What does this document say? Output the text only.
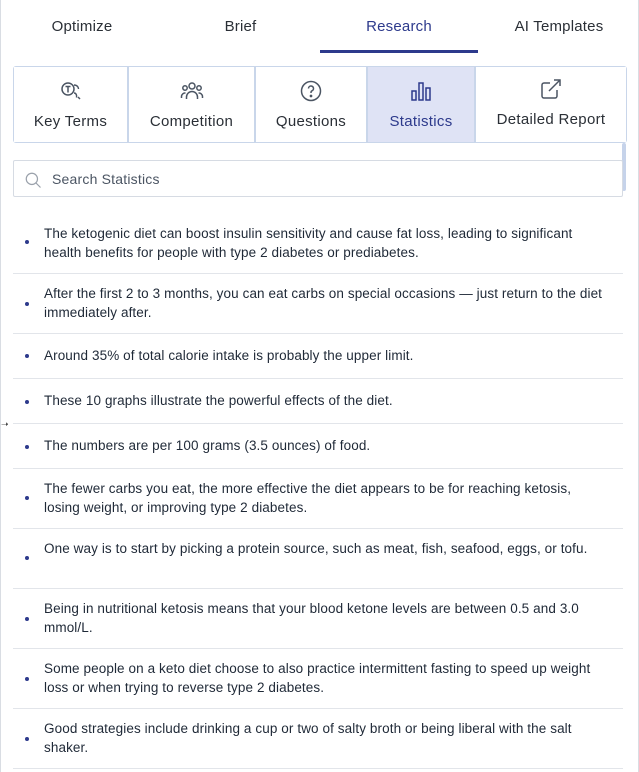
Optimize	Brief	Research	AI Templates
Key Terms	Competition	Questions	Statistics	Detailed Report
Search Statistics
➝
The ketogenic diet can boost insulin sensitivity and cause fat loss, leading to significant health benefits for people with type 2 diabetes or prediabetes.
After the first 2 to 3 months, you can eat carbs on special occasions — just return to the diet immediately after.
Around 35% of total calorie intake is probably the upper limit.
These 10 graphs illustrate the powerful effects of the diet.
The numbers are per 100 grams (3.5 ounces) of food.
The fewer carbs you eat, the more effective the diet appears to be for reaching ketosis, losing weight, or improving type 2 diabetes.
One way is to start by picking a protein source, such as meat, fish, seafood, eggs, or tofu.
Being in nutritional ketosis means that your blood ketone levels are between 0.5 and 3.0 mmol/L.
Some people on a keto diet choose to also practice intermittent fasting to speed up weight loss or when trying to reverse type 2 diabetes.
Good strategies include drinking a cup or two of salty broth or being liberal with the salt shaker.
